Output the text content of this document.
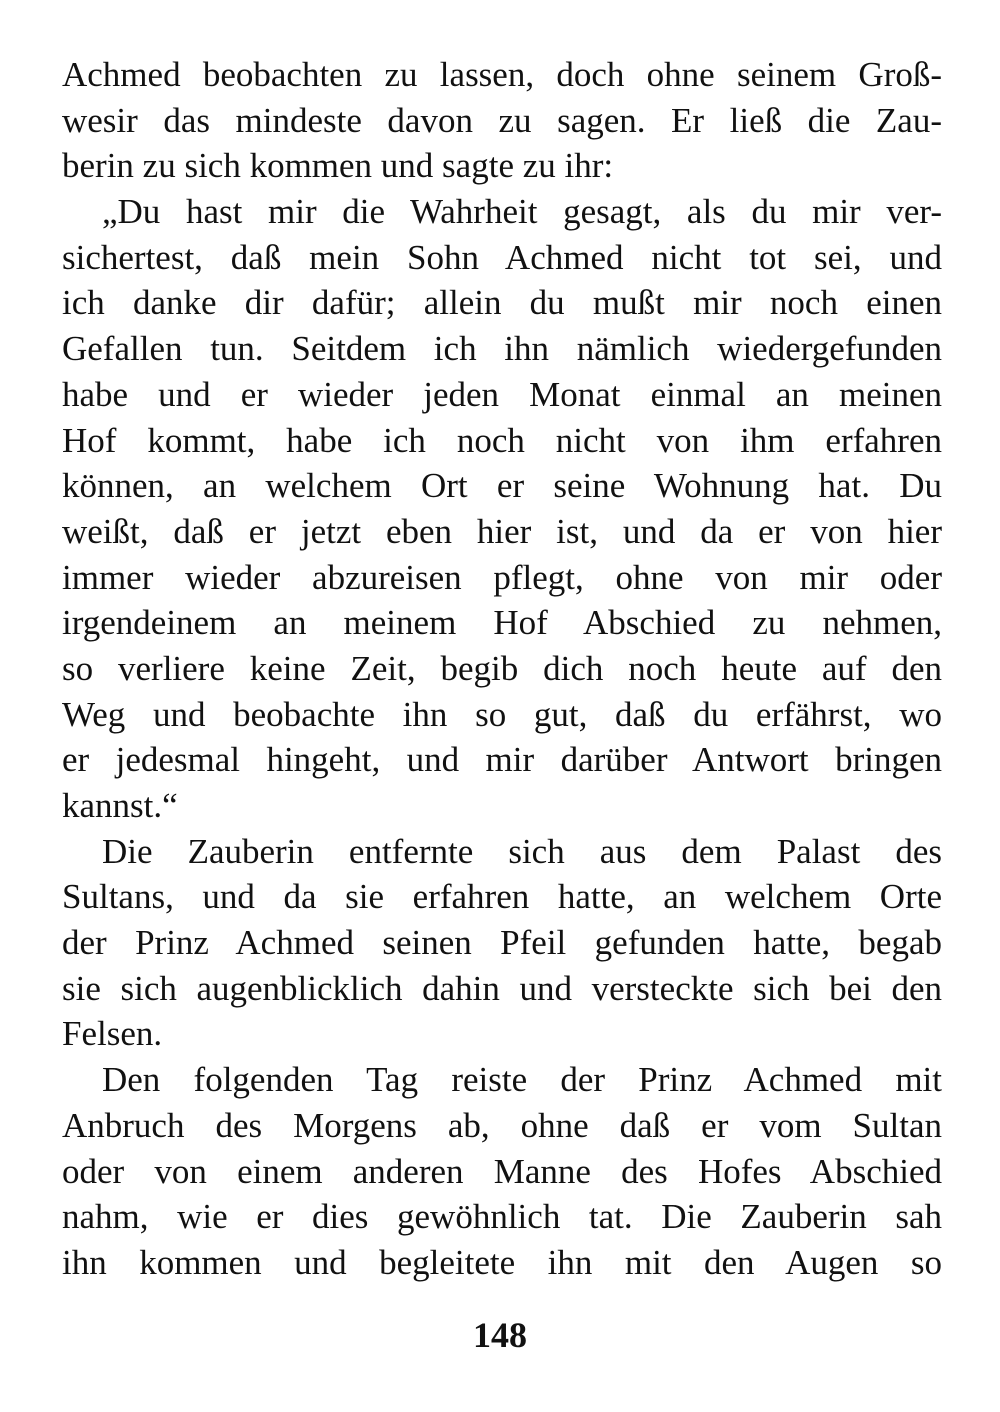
Achmed beobachten zu lassen, doch ohne seinem Groß-
wesir das mindeste davon zu sagen. Er ließ die Zau-
berin zu sich kommen und sagte zu ihr:
„Du hast mir die Wahrheit gesagt, als du mir ver-
sichertest, daß mein Sohn Achmed nicht tot sei, und
ich danke dir dafür; allein du mußt mir noch einen
Gefallen tun. Seitdem ich ihn nämlich wiedergefunden
habe und er wieder jeden Monat einmal an meinen
Hof kommt, habe ich noch nicht von ihm erfahren
können, an welchem Ort er seine Wohnung hat. Du
weißt, daß er jetzt eben hier ist, und da er von hier
immer wieder abzureisen pflegt, ohne von mir oder
irgendeinem an meinem Hof Abschied zu nehmen,
so verliere keine Zeit, begib dich noch heute auf den
Weg und beobachte ihn so gut, daß du erfährst, wo
er jedesmal hingeht, und mir darüber Antwort bringen
kannst.“
Die Zauberin entfernte sich aus dem Palast des
Sultans, und da sie erfahren hatte, an welchem Orte
der Prinz Achmed seinen Pfeil gefunden hatte, begab
sie sich augenblicklich dahin und versteckte sich bei den
Felsen.
Den folgenden Tag reiste der Prinz Achmed mit
Anbruch des Morgens ab, ohne daß er vom Sultan
oder von einem anderen Manne des Hofes Abschied
nahm, wie er dies gewöhnlich tat. Die Zauberin sah
ihn kommen und begleitete ihn mit den Augen so
148
